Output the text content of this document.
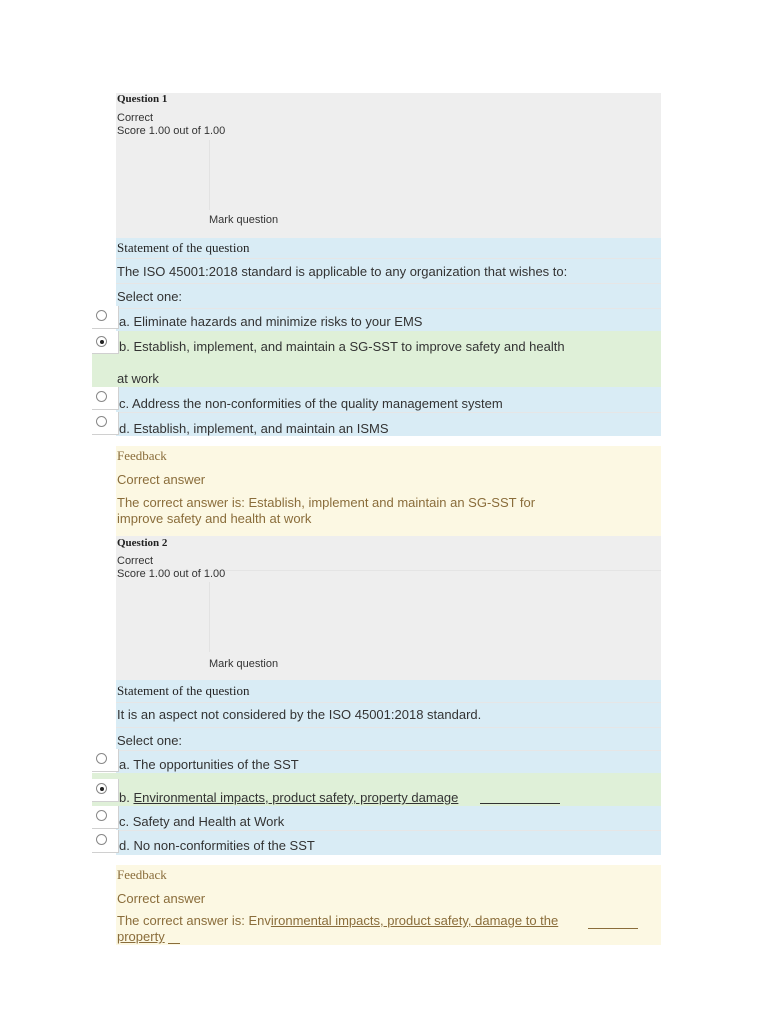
Question 1
Correct
Score 1.00 out of 1.00
Mark question
Statement of the question
The ISO 45001:2018 standard is applicable to any organization that wishes to:
Select one:
a. Eliminate hazards and minimize risks to your EMS
b. Establish, implement, and maintain a SG-SST to improve safety and health
at work
c. Address the non-conformities of the quality management system
d. Establish, implement, and maintain an ISMS
Feedback
Correct answer
The correct answer is: Establish, implement and maintain an SG-SST for
improve safety and health at work
Question 2
Correct
Score 1.00 out of 1.00
Mark question
Statement of the question
It is an aspect not considered by the ISO 45001:2018 standard.
Select one:
a. The opportunities of the SST
b. Environmental impacts, product safety, property damage
c. Safety and Health at Work
d. No non-conformities of the SST
Feedback
Correct answer
The correct answer is: Environmental impacts, product safety, damage to the
property
